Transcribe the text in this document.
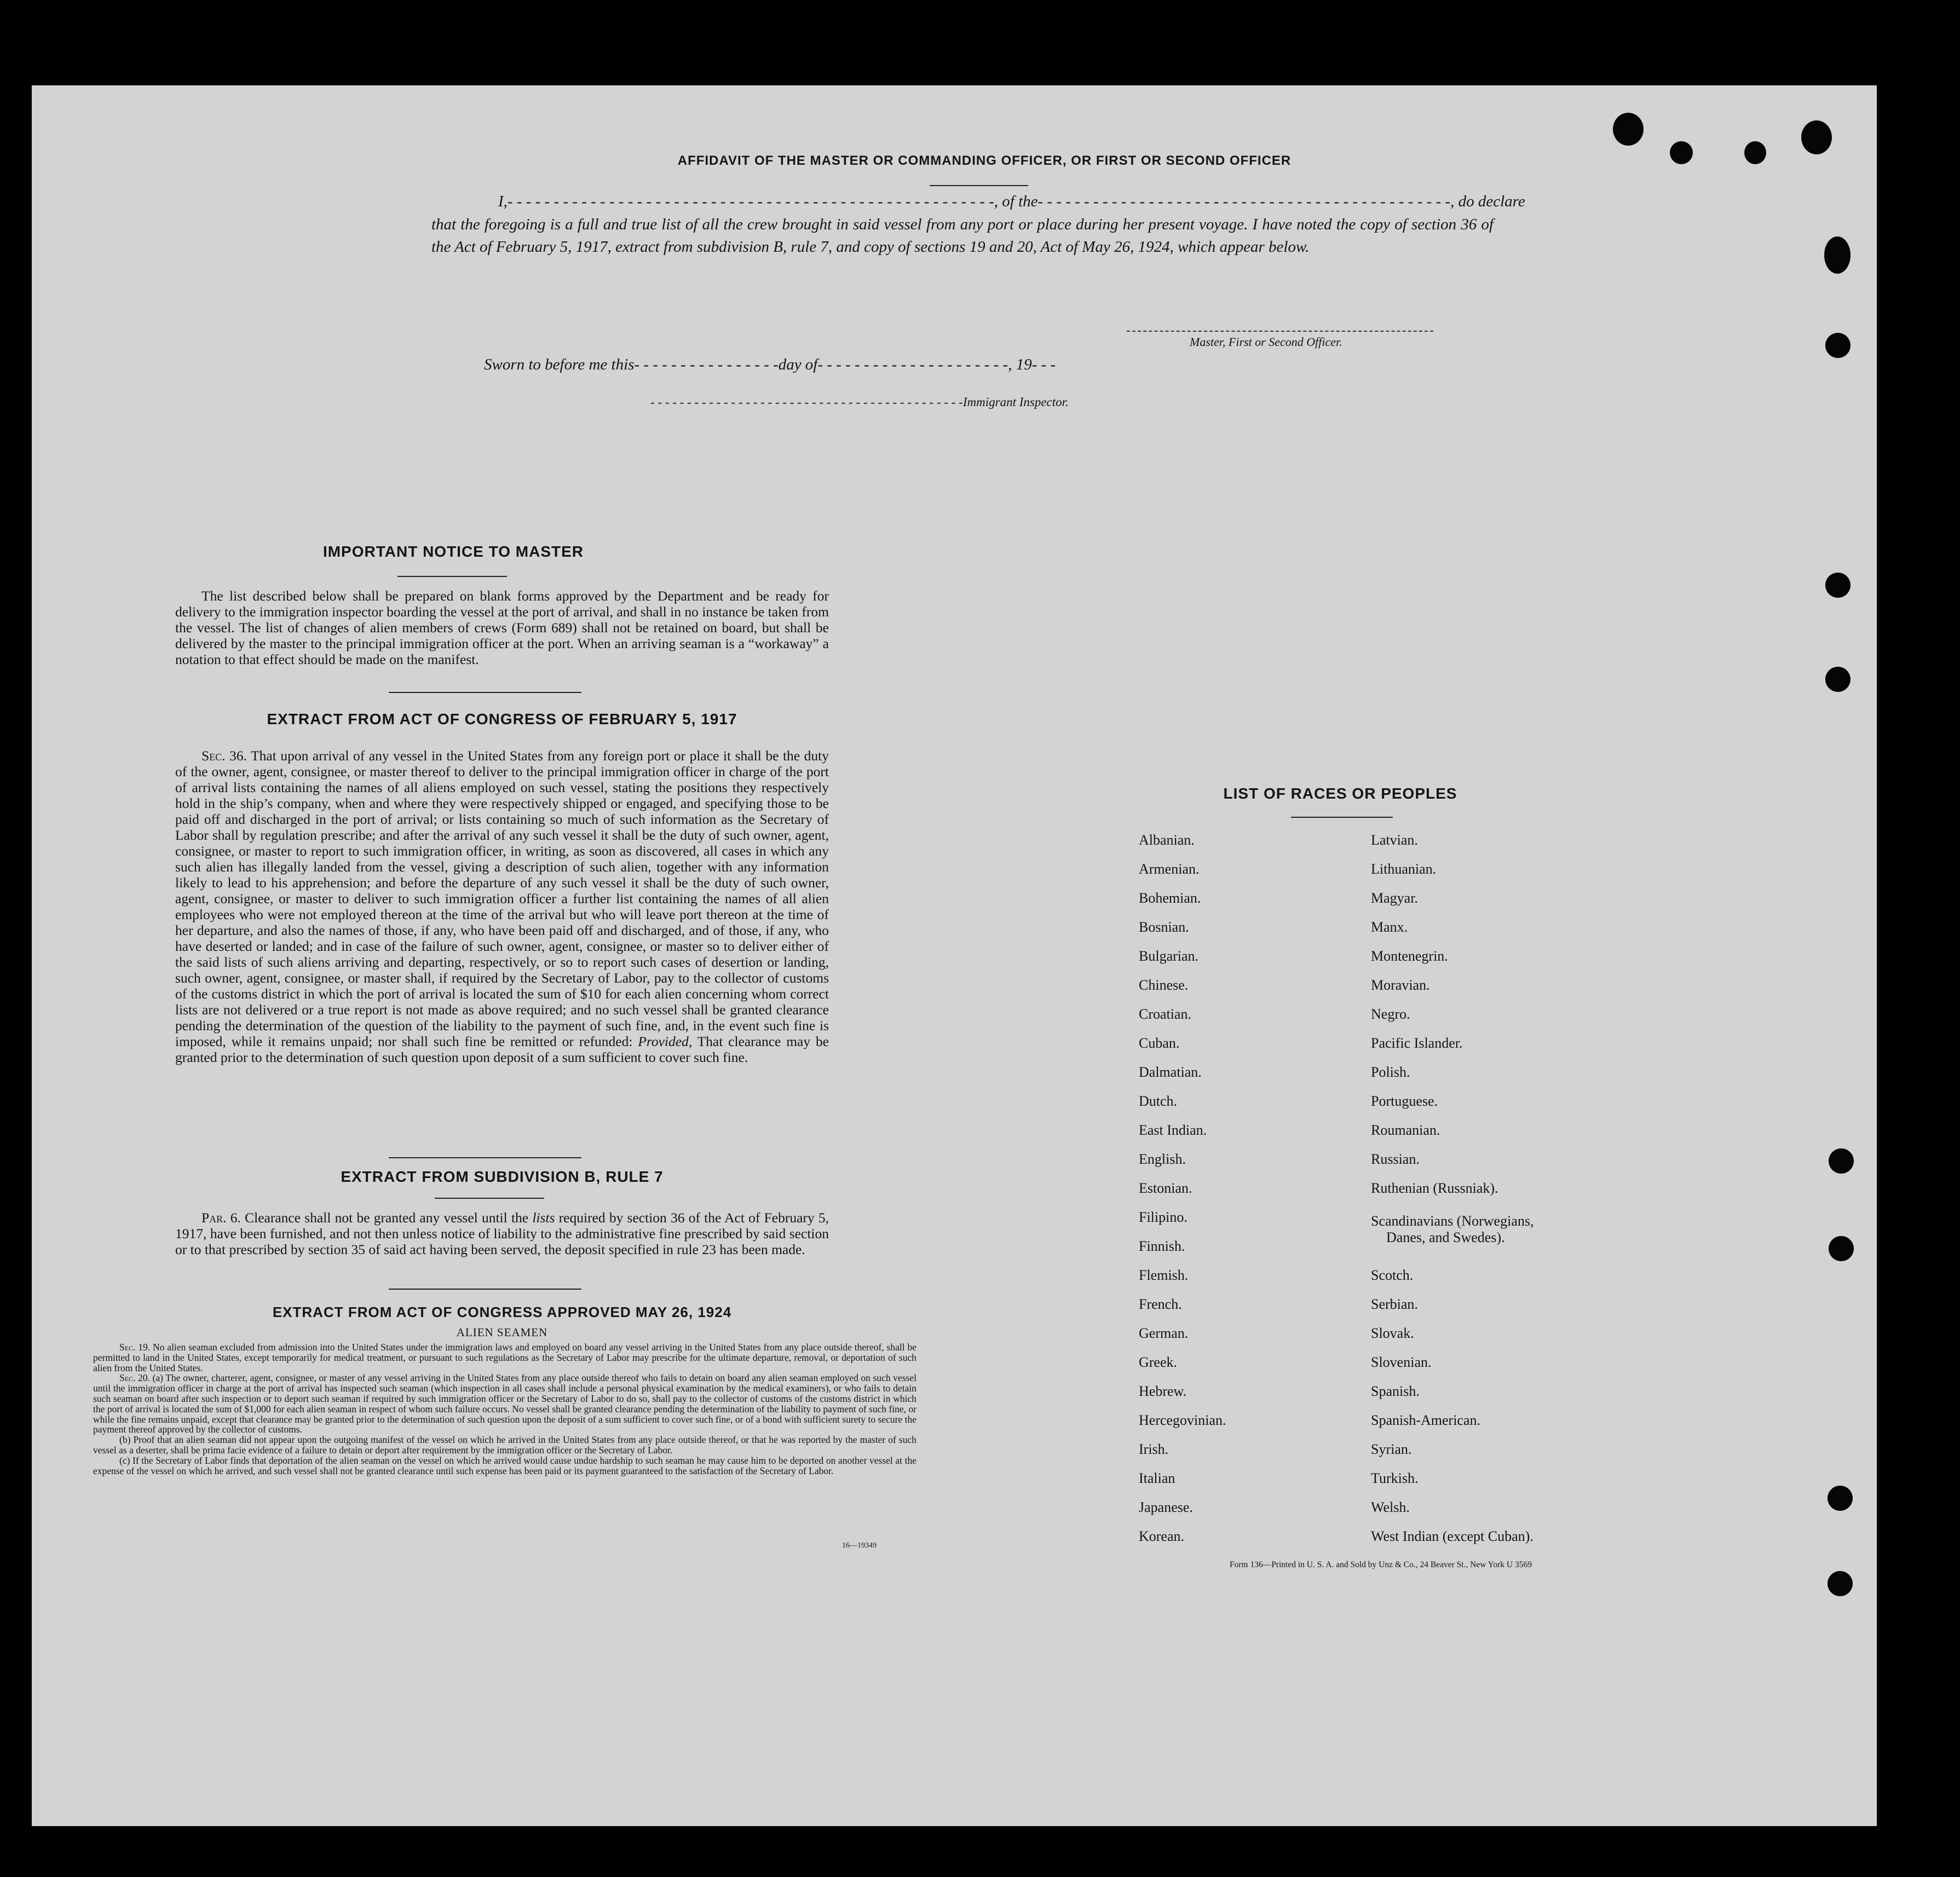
AFFIDAVIT OF THE MASTER OR COMMANDING OFFICER, OR FIRST OR SECOND OFFICER
I,- - - - - - - - - - - - - - - - - - - - - - - - - - - - - - - - - - - - - - - - - - - - - - - - - - - - -, of the- - - - - - - - - - - - - - - - - - - - - - - - - - - - - - - - - - - - - - - - - - - - -, do declare
that the foregoing is a full and true list of all the crew brought in said vessel from any port or place during her present voyage. I have noted the copy of section 36 of the Act of February 5, 1917, extract from subdivision B, rule 7, and copy of sections 19 and 20, Act of May 26, 1924, which appear below.
Master, First or Second Officer.
Sworn to before me this- - - - - - - - - - - - - - - -day of- - - - - - - - - - - - - - - - - - - - -, 19- - -
- - - - - - - - - - - - - - - - - - - - - - - - - - - - - - - - - - - - - - - - - - -Immigrant Inspector.
IMPORTANT NOTICE TO MASTER
The list described below shall be prepared on blank forms approved by the Department and be ready for delivery to the immigration inspector boarding the vessel at the port of arrival, and shall in no instance be taken from the vessel. The list of changes of alien members of crews (Form 689) shall not be retained on board, but shall be delivered by the master to the principal immigration officer at the port. When an arriving seaman is a “workaway” a notation to that effect should be made on the manifest.
EXTRACT FROM ACT OF CONGRESS OF FEBRUARY 5, 1917
Sec. 36. That upon arrival of any vessel in the United States from any foreign port or place it shall be the duty of the owner, agent, consignee, or master thereof to deliver to the principal immigration officer in charge of the port of arrival lists containing the names of all aliens employed on such vessel, stating the positions they respectively hold in the ship’s company, when and where they were respectively shipped or engaged, and specifying those to be paid off and discharged in the port of arrival; or lists containing so much of such information as the Secretary of Labor shall by regulation prescribe; and after the arrival of any such vessel it shall be the duty of such owner, agent, consignee, or master to report to such immigration officer, in writing, as soon as discovered, all cases in which any such alien has illegally landed from the vessel, giving a description of such alien, together with any information likely to lead to his apprehension; and before the departure of any such vessel it shall be the duty of such owner, agent, consignee, or master to deliver to such immigration officer a further list containing the names of all alien employees who were not employed thereon at the time of the arrival but who will leave port thereon at the time of her departure, and also the names of those, if any, who have been paid off and discharged, and of those, if any, who have deserted or landed; and in case of the failure of such owner, agent, consignee, or master so to deliver either of the said lists of such aliens arriving and departing, respectively, or so to report such cases of desertion or landing, such owner, agent, consignee, or master shall, if required by the Secretary of Labor, pay to the collector of customs of the customs district in which the port of arrival is located the sum of $10 for each alien concerning whom correct lists are not delivered or a true report is not made as above required; and no such vessel shall be granted clearance pending the determination of the question of the liability to the payment of such fine, and, in the event such fine is imposed, while it remains unpaid; nor shall such fine be remitted or refunded: Provided, That clearance may be granted prior to the determination of such question upon deposit of a sum sufficient to cover such fine.
EXTRACT FROM SUBDIVISION B, RULE 7
Par. 6. Clearance shall not be granted any vessel until the lists required by section 36 of the Act of February 5, 1917, have been furnished, and not then unless notice of liability to the administrative fine prescribed by said section or to that prescribed by section 35 of said act having been served, the deposit specified in rule 23 has been made.
EXTRACT FROM ACT OF CONGRESS APPROVED MAY 26, 1924
ALIEN SEAMEN
Sec. 19. No alien seaman excluded from admission into the United States under the immigration laws and employed on board any vessel arriving in the United States from any place outside thereof, shall be permitted to land in the United States, except temporarily for medical treatment, or pursuant to such regulations as the Secretary of Labor may prescribe for the ultimate departure, removal, or deportation of such alien from the United States.
Sec. 20. (a) The owner, charterer, agent, consignee, or master of any vessel arriving in the United States from any place outside thereof who fails to detain on board any alien seaman employed on such vessel until the immigration officer in charge at the port of arrival has inspected such seaman (which inspection in all cases shall include a personal physical examination by the medical examiners), or who fails to detain such seaman on board after such inspection or to deport such seaman if required by such immigration officer or the Secretary of Labor to do so, shall pay to the collector of customs of the customs district in which the port of arrival is located the sum of $1,000 for each alien seaman in respect of whom such failure occurs. No vessel shall be granted clearance pending the determination of the liability to payment of such fine, or while the fine remains unpaid, except that clearance may be granted prior to the determination of such question upon the deposit of a sum sufficient to cover such fine, or of a bond with sufficient surety to secure the payment thereof approved by the collector of customs.
(b) Proof that an alien seaman did not appear upon the outgoing manifest of the vessel on which he arrived in the United States from any place outside thereof, or that he was reported by the master of such vessel as a deserter, shall be prima facie evidence of a failure to detain or deport after requirement by the immigration officer or the Secretary of Labor.
(c) If the Secretary of Labor finds that deportation of the alien seaman on the vessel on which he arrived would cause undue hardship to such seaman he may cause him to be deported on another vessel at the expense of the vessel on which he arrived, and such vessel shall not be granted clearance until such expense has been paid or its payment guaranteed to the satisfaction of the Secretary of Labor.
16—19349
LIST OF RACES OR PEOPLES
Albanian.
Armenian.
Bohemian.
Bosnian.
Bulgarian.
Chinese.
Croatian.
Cuban.
Dalmatian.
Dutch.
East Indian.
English.
Estonian.
Filipino.
Finnish.
Flemish.
French.
German.
Greek.
Hebrew.
Hercegovinian.
Irish.
Italian
Japanese.
Korean.
Latvian.
Lithuanian.
Magyar.
Manx.
Montenegrin.
Moravian.
Negro.
Pacific Islander.
Polish.
Portuguese.
Roumanian.
Russian.
Ruthenian (Russniak).
Scandinavians (Norwegians,
Danes, and Swedes).
Scotch.
Serbian.
Slovak.
Slovenian.
Spanish.
Spanish-American.
Syrian.
Turkish.
Welsh.
West Indian (except Cuban).
Form 136—Printed in U. S. A. and Sold by Unz & Co., 24 Beaver St., New York U 3569
